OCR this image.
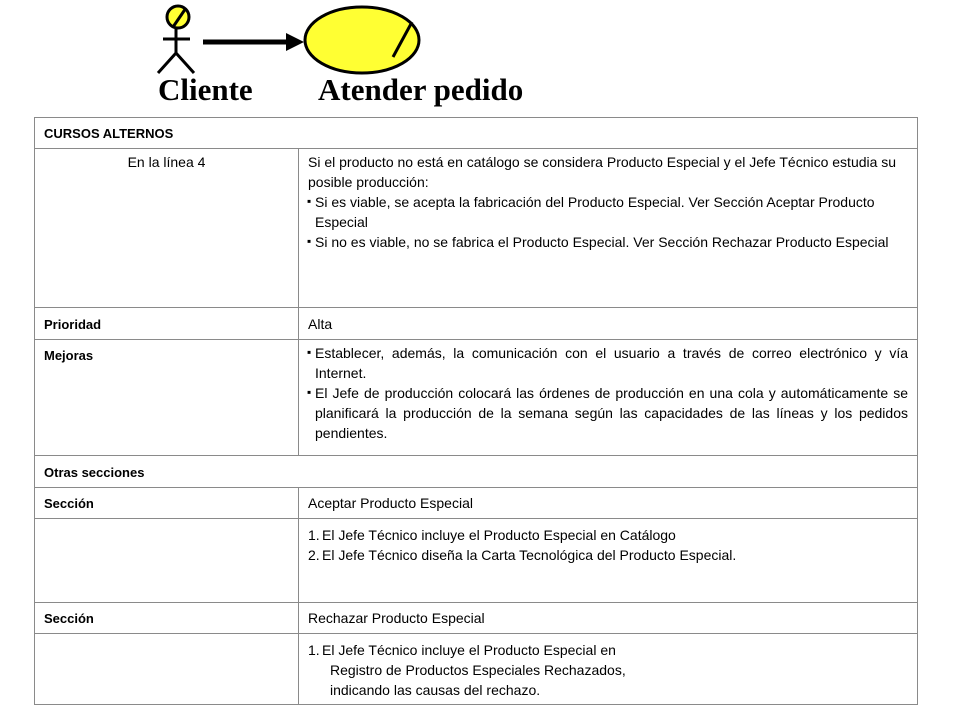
Cliente Atender pedido
CURSOS ALTERNOS	
En la línea 4	Si el producto no está en catálogo se considera Producto Especial y el Jefe Técnico estudia su posible producción:
▪ Si es viable, se acepta la fabricación del Producto Especial. Ver Sección Aceptar Producto Especial
▪ Si no es viable, no se fabrica el Producto Especial. Ver Sección Rechazar Producto Especial

Prioridad	Alta
Mejoras	▪ Establecer, además, la comunicación con el usuario a través de correo electrónico y vía Internet.
▪ El Jefe de producción colocará las órdenes de producción en una cola y automáticamente se planificará la producción de la semana según las capacidades de las líneas y los pedidos pendientes.

Otras secciones	
Sección	Aceptar Producto Especial

	1. El Jefe Técnico incluye el Producto Especial en Catálogo
2. El Jefe Técnico diseña la Carta Tecnológica del Producto Especial.

Sección	Rechazar Producto Especial

	1. El Jefe Técnico incluye el Producto Especial en
Registro de Productos Especiales Rechazados,
indicando las causas del rechazo.
